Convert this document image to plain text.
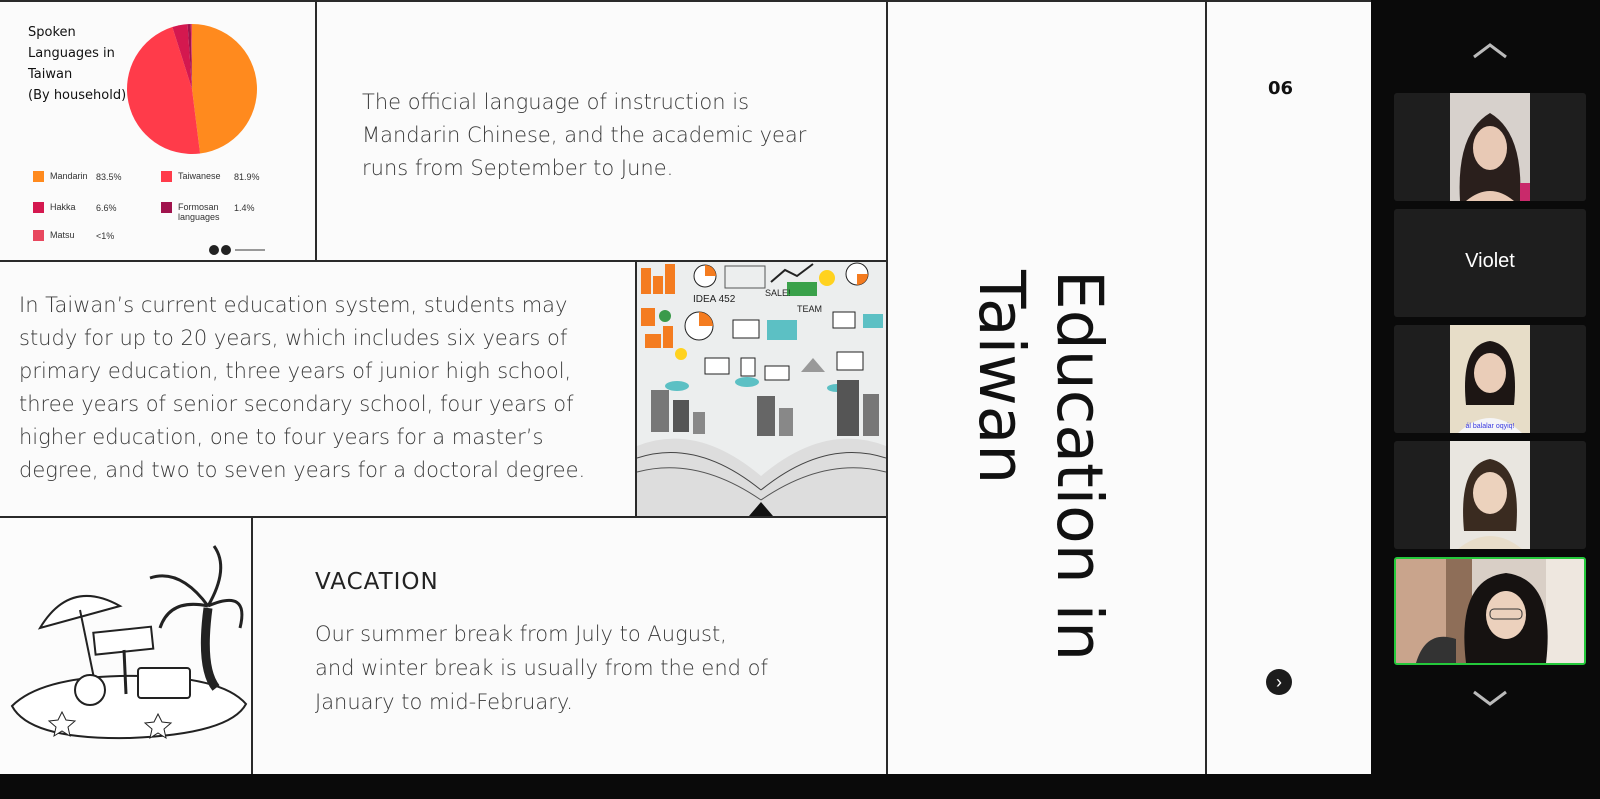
Spoken
Languages in
Taiwan
(By household)
Mandarin 83.5%	Taiwanese 81.9%
Hakka 6.6%	Formosan languages
1.4%
Matsu <1%
The official language of instruction is
Mandarin Chinese, and the academic year
runs from September to June.
In Taiwan’s current education system, students may
study for up to 20 years, which includes six years of
primary education, three years of junior high school,
three years of senior secondary school, four years of
higher education, one to four years for a master’s
degree, and two to seven years for a doctoral degree.
IDEA 452
SALE!
TEAM
VACATION
Our summer break from July to August,
and winter break is usually from the end of
January to mid-February.
Education in
Taiwan
06
›
Violet
ál balalar oqyiq!
